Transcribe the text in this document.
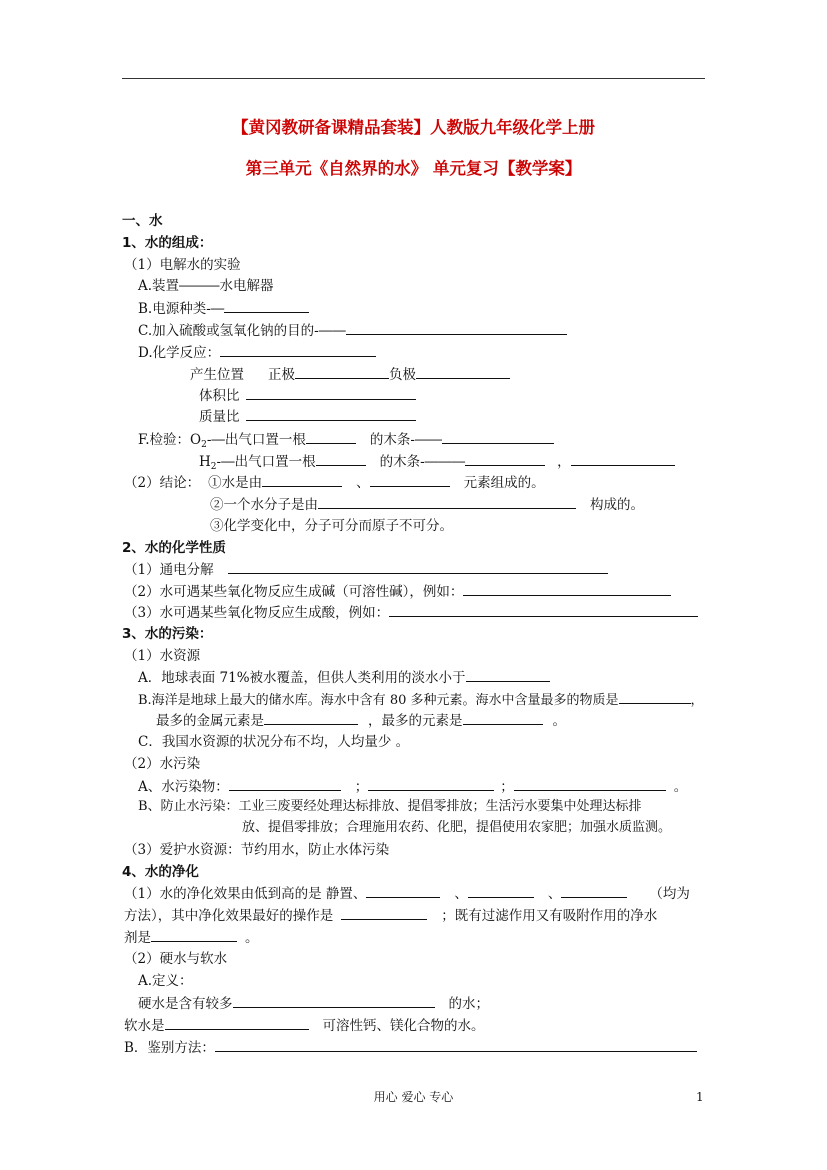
【黄冈教研备课精品套装】人教版九年级化学上册
第三单元《自然界的水》 单元复习【教学案】
一、水
1、水的组成：
（1）电解水的实验
A.装置―――水电解器
B.电源种类-―
C.加入硫酸或氢氧化钠的目的-――
D.化学反应：
产生位置 正极	负极
体积比
质量比
F.检验：$O_2-―$出气口置一根	的木条-――
$H_2-―$出气口置一根	的木条-―――	，
（2）结论： ①水是由	、	元素组成的。
②一个水分子是由	构成的。
③化学变化中，分子可分而原子不可分。
2、水的化学性质
（1）通电分解
（2）水可遇某些氧化物反应生成碱（可溶性碱），例如：
（3）水可遇某些氧化物反应生成酸，例如：
3、水的污染：
（1）水资源
A．地球表面 71%被水覆盖，但供人类利用的淡水小于
B.海洋是地球上最大的储水库。海水中含有 80 多种元素。海水中含量最多的物质是	，
最多的金属元素是	，最多的元素是	。
C．我国水资源的状况分布不均，人均量少 。
（2）水污染
A、水污染物：	；	；	。
B、防止水污染：工业三废要经处理达标排放、提倡零排放；生活污水要集中处理达标排
放、提倡零排放；合理施用农药、化肥，提倡使用农家肥；加强水质监测。
（3）爱护水资源：节约用水，防止水体污染
4、水的净化
（1）水的净化效果由低到高的是 静置、	、	、	（均为
方法），其中净化效果最好的操作是	；既有过滤作用又有吸附作用的净水
剂是	。
（2）硬水与软水
A.定义：
硬水是含有较多	的水；
软水是	可溶性钙、镁化合物的水。
B．鉴别方法：
用心 爱心 专心	1
